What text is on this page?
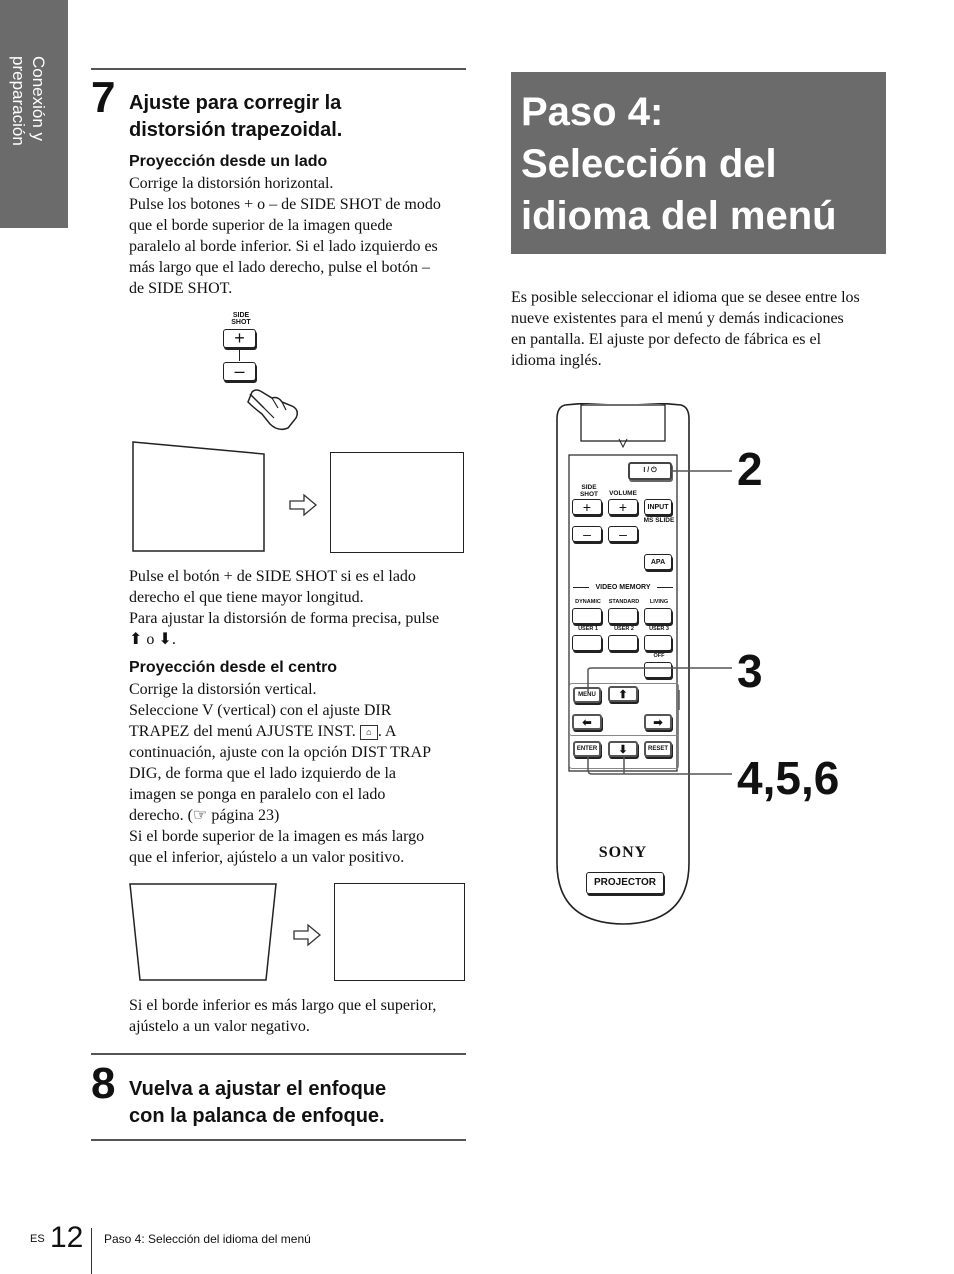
Conexión y
preparación	7 Ajuste para corregir la
distorsión trapezoidal.
Proyección desde un lado
Corrige la distorsión horizontal.
Pulse los botones + o – de SIDE SHOT de modo
que el borde superior de la imagen quede
paralelo al borde inferior. Si el lado izquierdo es
más largo que el lado derecho, pulse el botón –
de SIDE SHOT.
SIDE
SHOT
+
–
Pulse el botón + de SIDE SHOT si es el lado
derecho el que tiene mayor longitud.
Para ajustar la distorsión de forma precisa, pulse
⬆ o ⬇.
Proyección desde el centro
Corrige la distorsión vertical.
Seleccione V (vertical) con el ajuste DIR
TRAPEZ del menú AJUSTE INST. ⌂ . A
continuación, ajuste con la opción DIST TRAP
DIG, de forma que el lado izquierdo de la
imagen se ponga en paralelo con el lado
derecho. (☞ página 23)
Si el borde superior de la imagen es más largo
que el inferior, ajústelo a un valor positivo.
Si el borde inferior es más largo que el superior,
ajústelo a un valor negativo.
8 Vuelva a ajustar el enfoque
con la palanca de enfoque.
Paso 4:
Selección del
idioma del menú
Es posible seleccionar el idioma que se desee entre los
nueve existentes para el menú y demás indicaciones
en pantalla. El ajuste por defecto de fábrica es el
idioma inglés.
I / ⏻
SIDE
SHOT	VOLUME
+	+	INPUT
MS SLIDE
–	–
APA
VIDEO MEMORY
DYNAMIC	STANDARD	LIVING
USER 1	USER 2	USER 3
OFF
MENU	⬆
⬅	➡
ENTER	⬇	RESET
SONY
PROJECTOR
2
3
4,5,6
ES 12 Paso 4: Selección del idioma del menú
